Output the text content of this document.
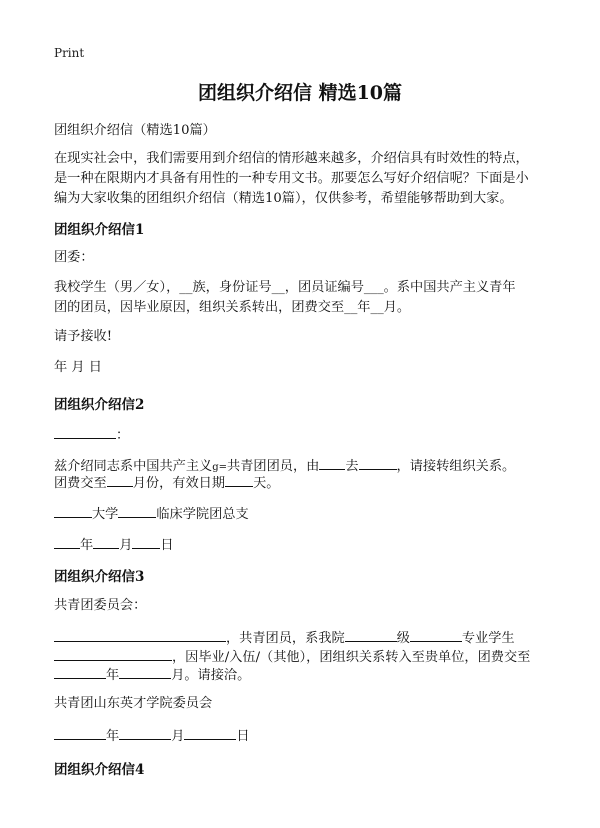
Print
团组织介绍信 精选10篇
团组织介绍信（精选10篇）
在现实社会中，我们需要用到介绍信的情形越来越多，介绍信具有时效性的特点，
是一种在限期内才具备有用性的一种专用文书。那要怎么写好介绍信呢？下面是小
编为大家收集的团组织介绍信（精选10篇），仅供参考，希望能够帮助到大家。
团组织介绍信1
团委：
我校学生（男／女），__族，身份证号__，团员证编号___。系中国共产主义青年
团的团员，因毕业原因，组织关系转出，团费交至__年__月。
请予接收!
年 月 日
团组织介绍信2
：
兹介绍同志系中国共产主义g=共青团团员，由 去	，请接转组织关系。
团费交至 月份，有效日期 天。
大学	临床学院团总支
年 月 日
团组织介绍信3
共青团委员会：
，共青团员，系我院	级	专业学生
，因毕业/入伍/（其他），团组织关系转入至贵单位，团费交至
年	月。请接洽。
共青团山东英才学院委员会
年	月	日
团组织介绍信4
